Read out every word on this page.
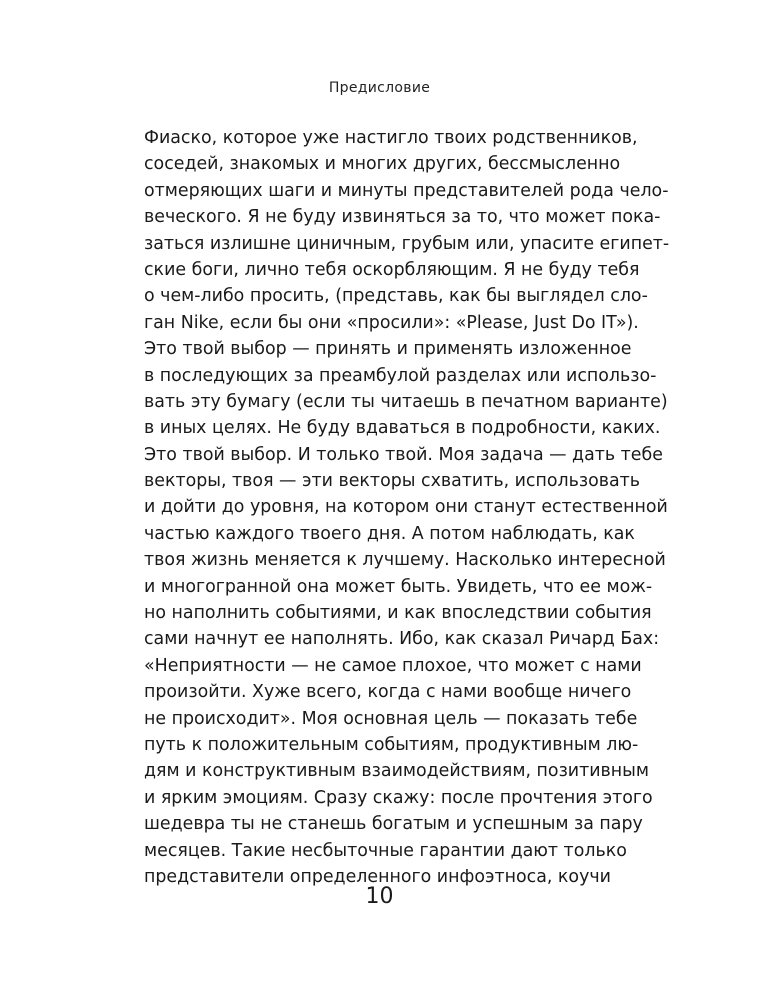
Предисловие
Фиаско, которое уже настигло твоих родственников,
соседей, знакомых и многих других, бессмысленно
отмеряющих шаги и минуты представителей рода чело-
веческого. Я не буду извиняться за то, что может пока-
заться излишне циничным, грубым или, упасите египет-
ские боги, лично тебя оскорбляющим. Я не буду тебя
о чем-либо просить, (представь, как бы выглядел сло-
ган Nike, если бы они «просили»: «Please, Just Do IT»).
Это твой выбор — принять и применять изложенное
в последующих за преамбулой разделах или использо-
вать эту бумагу (если ты читаешь в печатном варианте)
в иных целях. Не буду вдаваться в подробности, каких.
Это твой выбор. И только твой. Моя задача — дать тебе
векторы, твоя — эти векторы схватить, использовать
и дойти до уровня, на котором они станут естественной
частью каждого твоего дня. А потом наблюдать, как
твоя жизнь меняется к лучшему. Насколько интересной
и многогранной она может быть. Увидеть, что ее мож-
но наполнить событиями, и как впоследствии события
сами начнут ее наполнять. Ибо, как сказал Ричард Бах:
«Неприятности — не самое плохое, что может с нами
произойти. Хуже всего, когда с нами вообще ничего
не происходит». Моя основная цель — показать тебе
путь к положительным событиям, продуктивным лю-
дям и конструктивным взаимодействиям, позитивным
и ярким эмоциям. Сразу скажу: после прочтения этого
шедевра ты не станешь богатым и успешным за пару
месяцев. Такие несбыточные гарантии дают только
представители определенного инфоэтноса, коучи
10
